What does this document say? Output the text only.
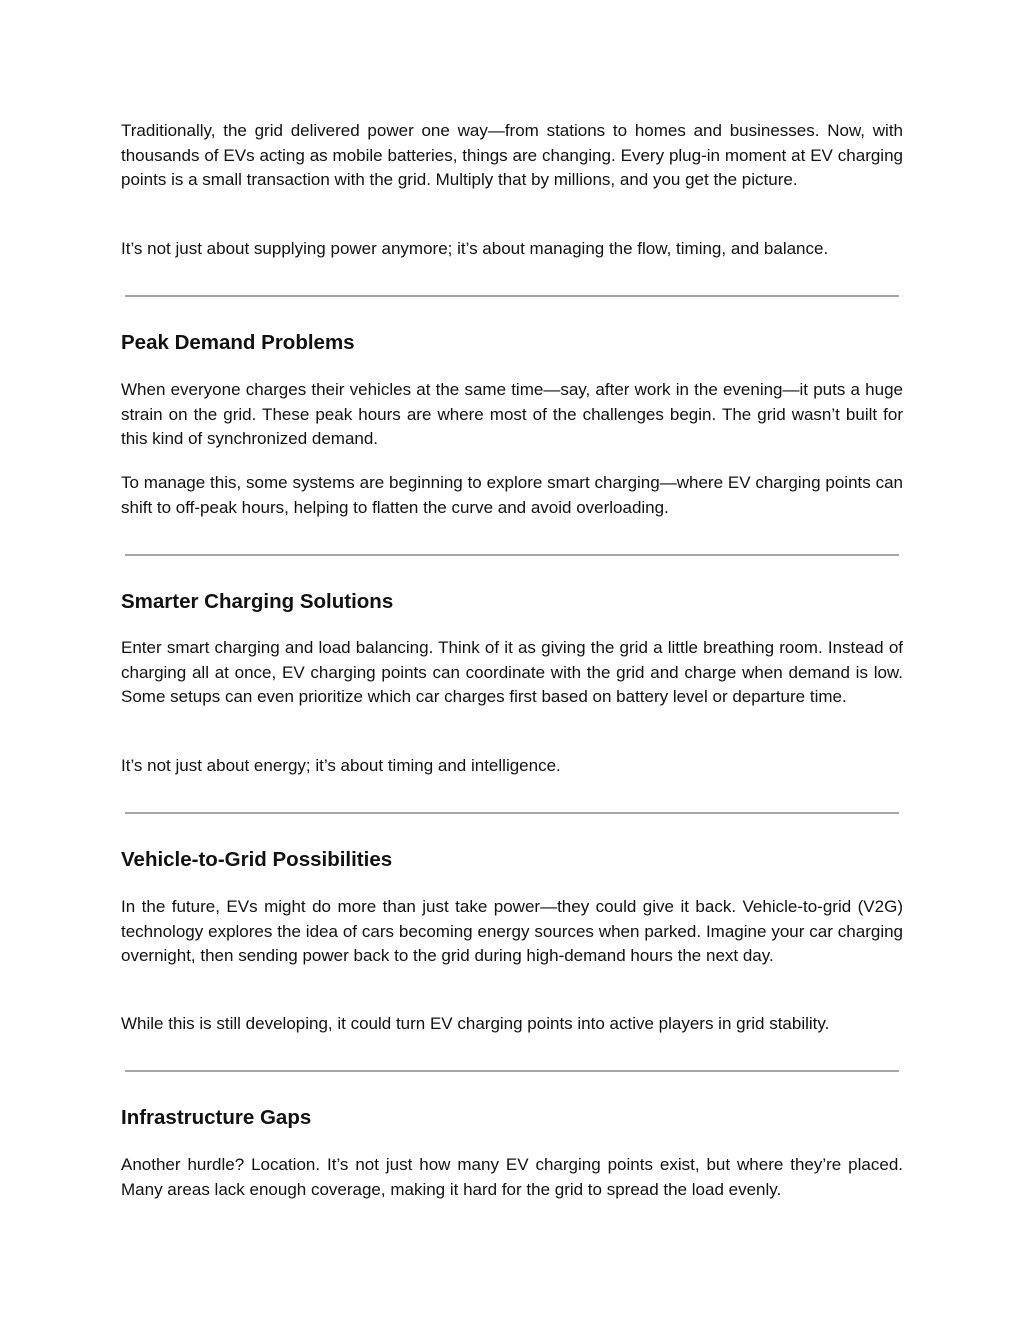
Traditionally, the grid delivered power one way—from stations to homes and businesses. Now, with thousands of EVs acting as mobile batteries, things are changing. Every plug-in moment at EV charging points is a small transaction with the grid. Multiply that by millions, and you get the picture.

It’s not just about supplying power anymore; it’s about managing the flow, timing, and balance.

Peak Demand Problems

When everyone charges their vehicles at the same time—say, after work in the evening—it puts a huge strain on the grid. These peak hours are where most of the challenges begin. The grid wasn’t built for this kind of synchronized demand.

To manage this, some systems are beginning to explore smart charging—where EV charging points can shift to off-peak hours, helping to flatten the curve and avoid overloading.

Smarter Charging Solutions

Enter smart charging and load balancing. Think of it as giving the grid a little breathing room. Instead of charging all at once, EV charging points can coordinate with the grid and charge when demand is low. Some setups can even prioritize which car charges first based on battery level or departure time.

It’s not just about energy; it’s about timing and intelligence.

Vehicle-to-Grid Possibilities

In the future, EVs might do more than just take power—they could give it back. Vehicle-to-grid (V2G) technology explores the idea of cars becoming energy sources when parked. Imagine your car charging overnight, then sending power back to the grid during high-demand hours the next day.

While this is still developing, it could turn EV charging points into active players in grid stability.

Infrastructure Gaps

Another hurdle? Location. It’s not just how many EV charging points exist, but where they’re placed. Many areas lack enough coverage, making it hard for the grid to spread the load evenly.
